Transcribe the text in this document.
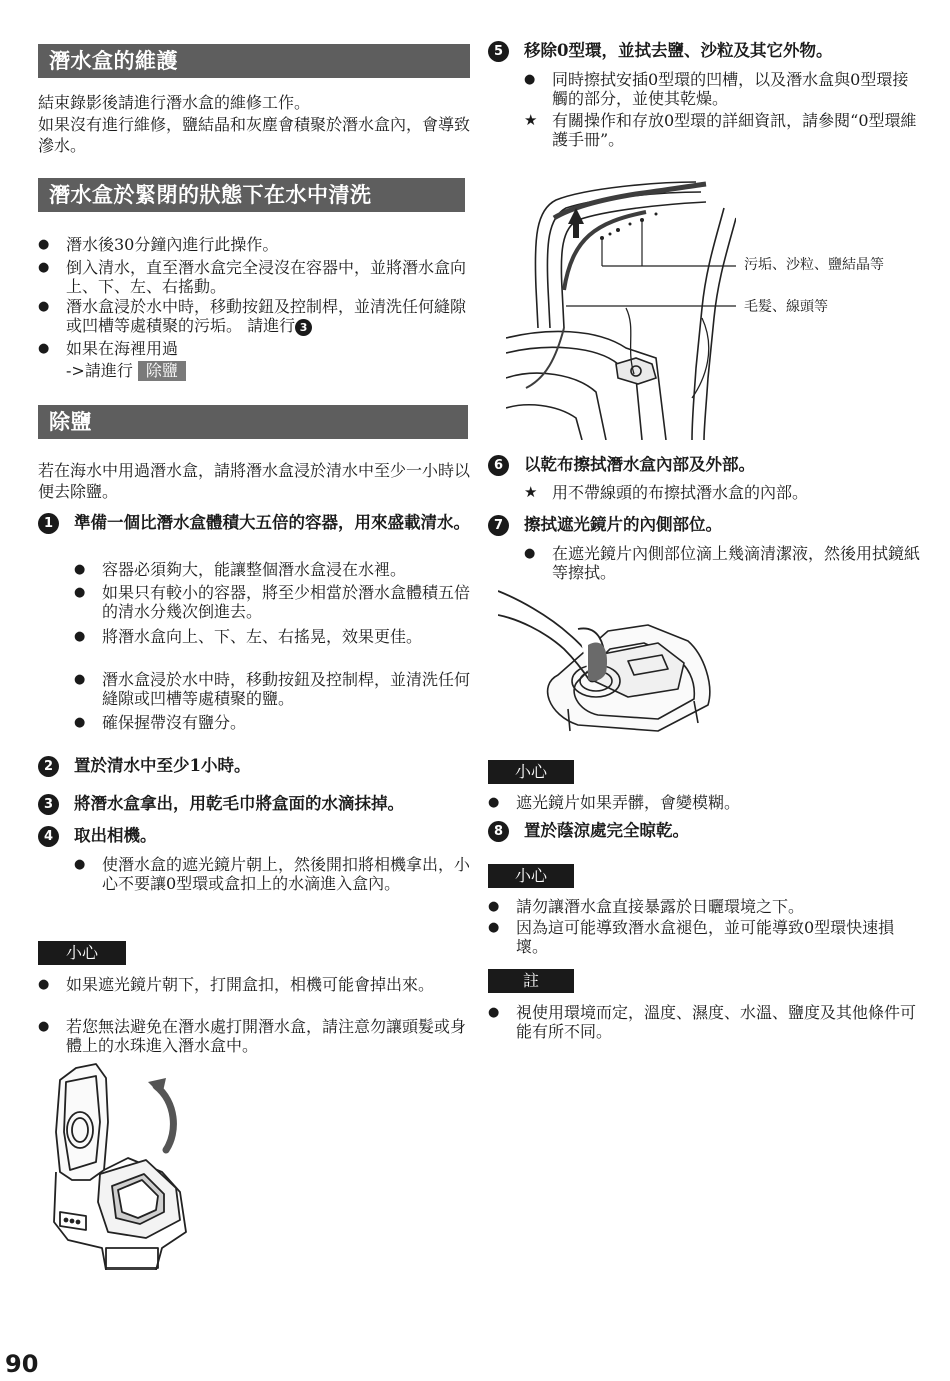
潛水盒的維護
結束錄影後請進行潛水盒的維修工作。
如果沒有進行維修，鹽結晶和灰塵會積聚於潛水盒內，會導致滲水。
潛水盒於緊閉的狀態下在水中清洗
● 潛水後30分鐘內進行此操作。
● 倒入清水，直至潛水盒完全浸沒在容器中，並將潛水盒向上、下、左、右搖動。
● 潛水盒浸於水中時，移動按鈕及控制桿，並清洗任何縫隙或凹槽等處積聚的污垢。 請進行 3
● 如果在海裡用過
->請進行 除鹽
除鹽
若在海水中用過潛水盒，請將潛水盒浸於清水中至少一小時以便去除鹽。
1	準備一個比潛水盒體積大五倍的容器，用來盛載清水。
● 容器必須夠大，能讓整個潛水盒浸在水裡。
● 如果只有較小的容器，將至少相當於潛水盒體積五倍的清水分幾次倒進去。
● 將潛水盒向上、下、左、右搖晃，效果更佳。
● 潛水盒浸於水中時，移動按鈕及控制桿，並清洗任何縫隙或凹槽等處積聚的鹽。
● 確保握帶沒有鹽分。
2	置於清水中至少1小時。
3	將潛水盒拿出，用乾毛巾將盒面的水滴抹掉。
4	取出相機。
● 使潛水盒的遮光鏡片朝上，然後開扣將相機拿出，小心不要讓0型環或盒扣上的水滴進入盒內。
小心
● 如果遮光鏡片朝下，打開盒扣，相機可能會掉出來。
● 若您無法避免在潛水處打開潛水盒，請注意勿讓頭髮或身體上的水珠進入潛水盒中。
5	移除0型環，並拭去鹽、沙粒及其它外物。
● 同時擦拭安插0型環的凹槽，以及潛水盒與0型環接觸的部分，並使其乾燥。
★ 有關操作和存放0型環的詳細資訊，請參閱“0型環維護手冊”。
污垢、沙粒、鹽結晶等
毛髮、線頭等
6	以乾布擦拭潛水盒內部及外部。
★ 用不帶線頭的布擦拭潛水盒的內部。
7	擦拭遮光鏡片的內側部位。
● 在遮光鏡片內側部位滴上幾滴清潔液，然後用拭鏡紙等擦拭。
小心
● 遮光鏡片如果弄髒，會變模糊。
8	置於蔭涼處完全晾乾。
小心
● 請勿讓潛水盒直接暴露於日曬環境之下。
● 因為這可能導致潛水盒褪色，並可能導致0型環快速損壞。
註
● 視使用環境而定，溫度、濕度、水溫、鹽度及其他條件可能有所不同。
90
